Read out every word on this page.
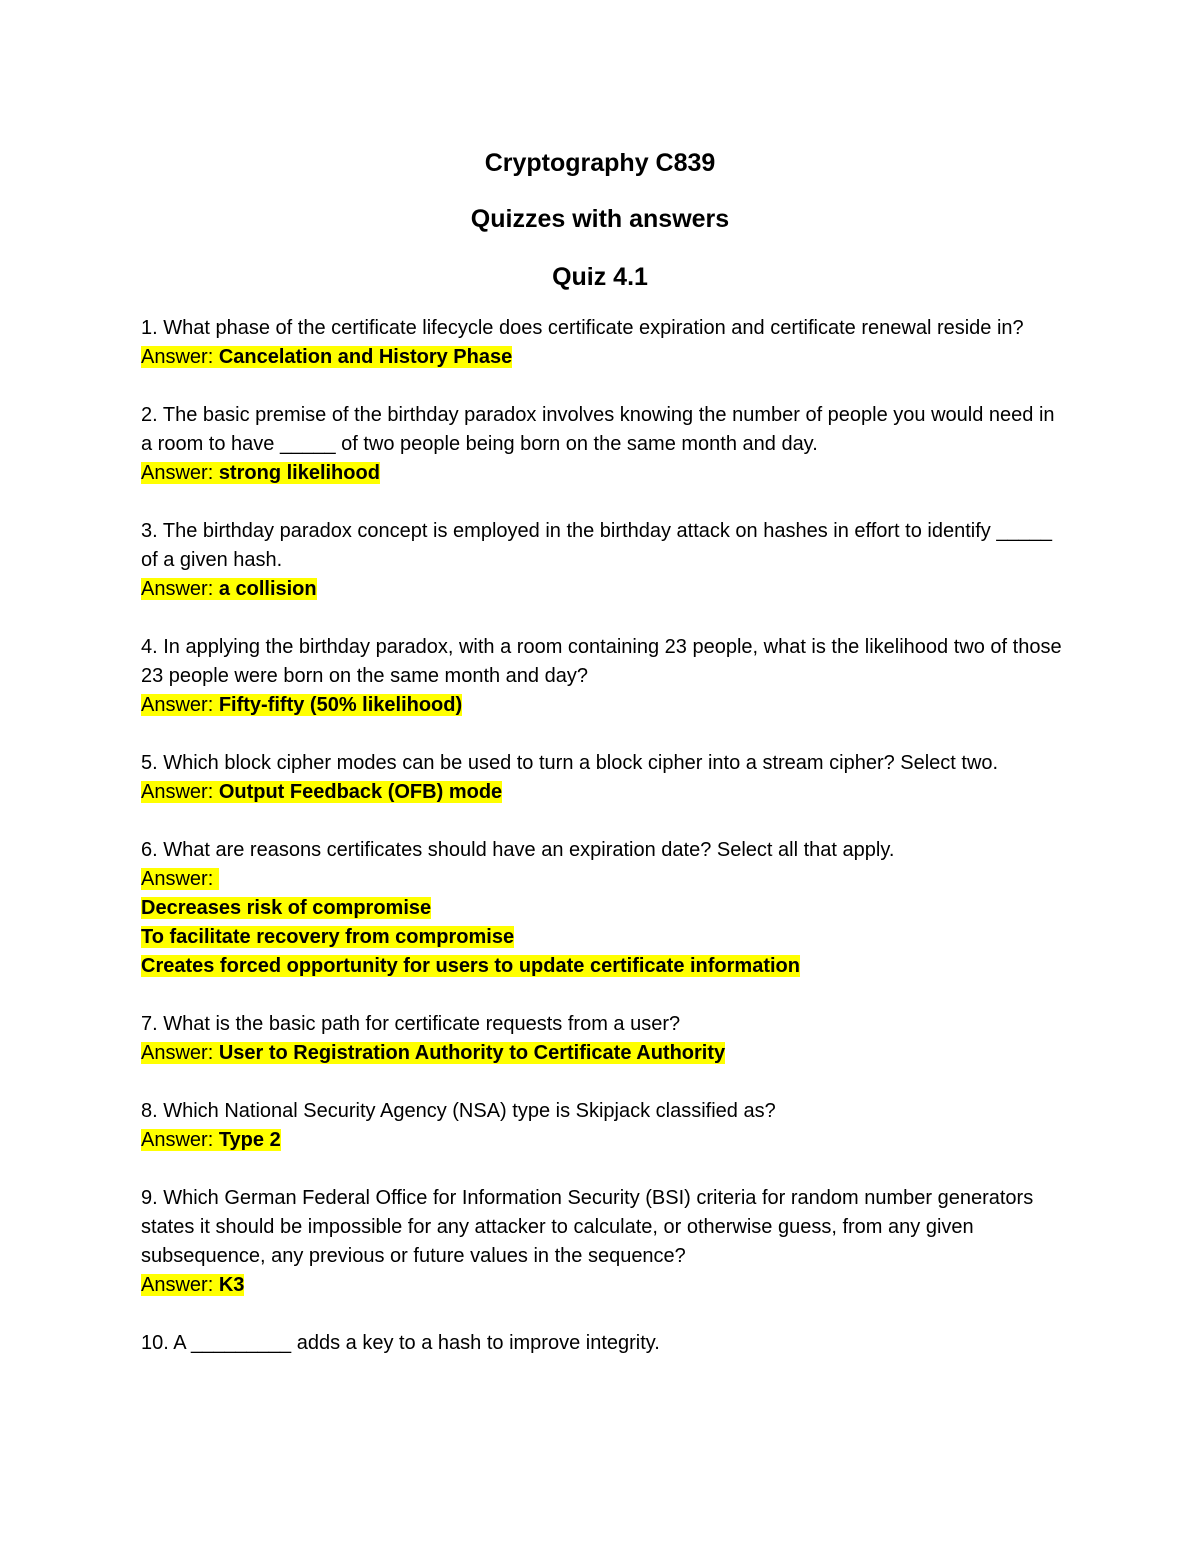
Cryptography C839
Quizzes with answers
Quiz 4.1

1. What phase of the certificate lifecycle does certificate expiration and certificate renewal reside in?

Answer: Cancelation and History Phase

2. The basic premise of the birthday paradox involves knowing the number of people you would need in a room to have _____ of two people being born on the same month and day.

Answer: strong likelihood

3. The birthday paradox concept is employed in the birthday attack on hashes in effort to identify _____ of a given hash.

Answer: a collision

4. In applying the birthday paradox, with a room containing 23 people, what is the likelihood two of those 23 people were born on the same month and day?

Answer: Fifty-fifty (50% likelihood)

5. Which block cipher modes can be used to turn a block cipher into a stream cipher? Select two.

Answer: Output Feedback (OFB) mode

6. What are reasons certificates should have an expiration date? Select all that apply.

Answer:

Decreases risk of compromise

To facilitate recovery from compromise

Creates forced opportunity for users to update certificate information

7. What is the basic path for certificate requests from a user?

Answer: User to Registration Authority to Certificate Authority

8. Which National Security Agency (NSA) type is Skipjack classified as?

Answer: Type 2

9. Which German Federal Office for Information Security (BSI) criteria for random number generators states it should be impossible for any attacker to calculate, or otherwise guess, from any given subsequence, any previous or future values in the sequence?

Answer: K3

10. A _________ adds a key to a hash to improve integrity.
